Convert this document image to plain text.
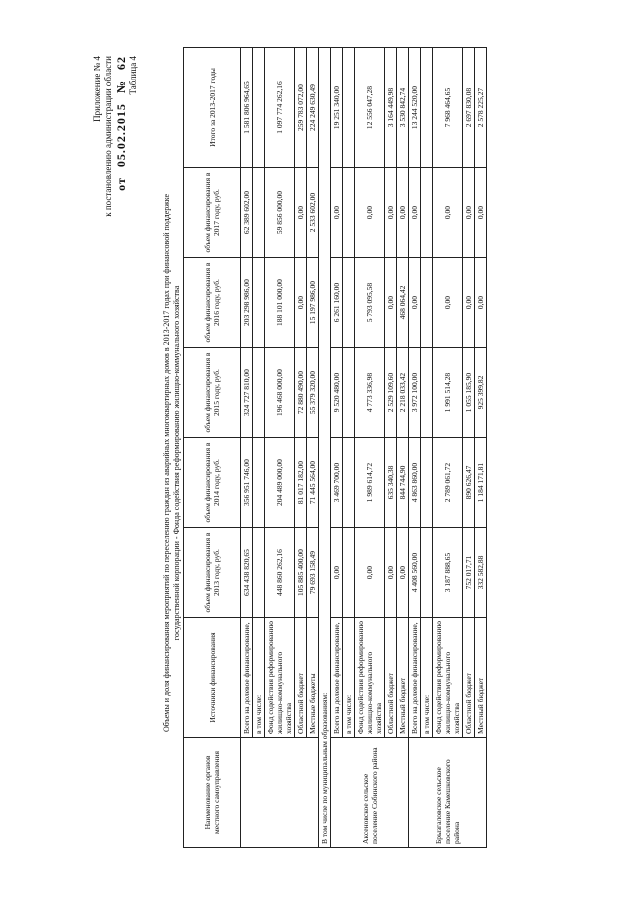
Приложение № 4 к постановлению администрации области от 05.02.2015 № 62 Таблица 4
Объемы и доля финансирования мероприятий по переселению граждан из аварийных многоквартирных домов в 2013-2017 годах при финансовой поддержке государственной корпорации - Фонда содействия реформированию жилищно-коммунального хозяйства
Наименование органов местного самоуправления	Источники финансирования	объем финансирования в 2013 году, руб.	объем финансирования в 2014 году, руб.	объем финансирования в 2015 году, руб.	объем финансирования в 2016 году, руб.	объем финансирования в 2017 году, руб.	Итого за 2013-2017 годы
	Всего на долевое финансирование,	634 438 820,65	356 951 746,00	324 727 810,00	203 298 986,00	62 389 602,00	1 581 806 964,65
	в том числе:						
	Фонд содействия реформированию жилищно-коммунального хозяйства	448 860 262,16	204 489 000,00	196 468 000,00	188 101 000,00	59 856 000,00	1 097 774 262,16
	Областной бюджет	105 885 400,00	81 017 182,00	72 880 490,00	0,00	0,00	259 783 072,00
	Местные бюджеты	79 693 158,49	71 445 564,00	55 379 320,00	15 197 986,00	2 533 602,00	224 249 630,49
В том числе по муниципальным образованиям:							
Аксеновское сельское поселение Собинского района	Всего на долевое финансирование,	0,00	3 469 700,00	9 520 480,00	6 261 160,00	0,00	19 251 340,00
	в том числе:						
	Фонд содействия реформированию жилищно-коммунального хозяйства	0,00	1 989 614,72	4 773 336,98	5 793 095,58	0,00	12 556 047,28
	Областной бюджет	0,00	635 340,38	2 529 109,60	0,00	0,00	3 164 449,98
	Местный бюджет	0,00	844 744,90	2 218 033,42	468 064,42	0,00	3 530 842,74
Брызгаловское сельское поселение Камешковского района	Всего на долевое финансирование,	4 408 560,00	4 863 860,00	3 972 100,00	0,00	0,00	13 244 520,00
	в том числе:						
	Фонд содействия реформированию жилищно-коммунального хозяйства	3 187 888,65	2 789 061,72	1 991 514,28	0,00	0,00	7 968 464,65
	Областной бюджет	752 017,71	890 626,47	1 055 185,90	0,00	0,00	2 697 830,08
	Местный бюджет	332 582,88	1 184 171,81	925 399,82	0,00	0,00	2 578 225,27
